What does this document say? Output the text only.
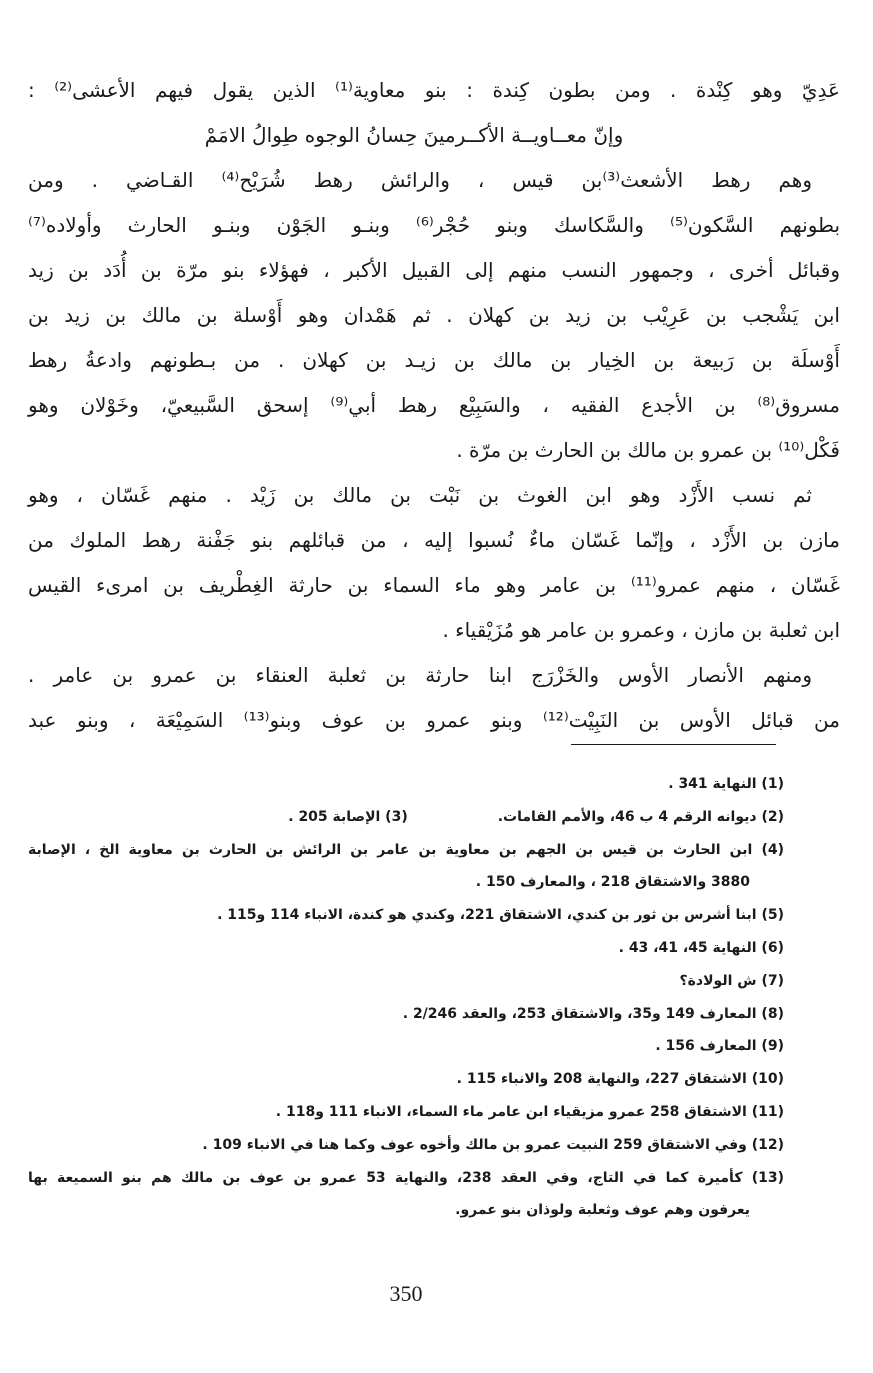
عَدِيّ وهو كِنْدة . ومن بطون كِندة : بنو معاوية⁽¹⁾ الذين يقول فيهم الأعشى⁽²⁾ :
وإنّ معــاويــة الأكــرمينَ حِسانُ الوجوه طِوالُ الامَمْ
وهم رهط الأشعث⁽³⁾بن قيس ، والرائش رهط شُرَيْح⁽⁴⁾ القـاضي . ومن
بطونهم السَّكون⁽⁵⁾ والسَّكاسك وبنو حُجْر⁽⁶⁾ وبنـو الجَوْن وبنـو الحارث وأولاده⁽⁷⁾
وقبائل أخرى ، وجمهور النسب منهم إلى القبيل الأكبر ، فهؤلاء بنو مرّة بن أُدَد بن زيد
ابن يَشْجب بن عَرِيْب بن زيد بن كهلان . ثم هَمْدان وهو أَوْسلة بن مالك بن زيد بن
أَوْسلَة بن رَبيعة بن الخِيار بن مالك بن زيـد بن كهلان . من بـطونهم وادعةُ رهط
مسروق⁽⁸⁾ بن الأجدع الفقيه ، والسَبِيْع رهط أبي⁽⁹⁾ إسحق السَّبيعيّ، وخَوْلان وهو
فَكْل⁽¹⁰⁾ بن عمرو بن مالك بن الحارث بن مرّة .
ثم نسب الأَزْد وهو ابن الغوث بن نَبْت بن مالك بن زَيْد . منهم غَسّان ، وهو
مازن بن الأَزْد ، وإنّما غَسّان ماءٌ نُسبوا إليه ، من قبائلهم بنو جَفْنة رهط الملوك من
غَسّان ، منهم عمرو⁽¹¹⁾ بن عامر وهو ماء السماء بن حارثة الغِطْريف بن امرىء القيس
ابن ثعلبة بن مازن ، وعمرو بن عامر هو مُزَيْقياء .
ومنهم الأنصار الأوس والخَزْرَج ابنا حارثة بن ثعلبة العنقاء بن عمرو بن عامر .
من قبائل الأوس بن النَبِيْت⁽¹²⁾ وبنو عمرو بن عوف وبنو⁽¹³⁾ السَمِيْعَة ، وبنو عبد
(1) النهاية 341 .
(2) ديوانه الرقم 4 ب 46، والأمم القامات.(3) الإصابة 205 .
(4) ابن الحارث بن قيس بن الجهم بن معاوية بن عامر بن الرائش بن الحارث بن معاوية الخ ، الإصابة
3880 والاشتقاق 218 ، والمعارف 150 .
(5) ابنا أشرس بن ثور بن كندي، الاشتقاق 221، وكندي هو كندة، الانباء 114 و115 .
(6) النهاية 45، 41، 43 .
(7) ش الولادة؟
(8) المعارف 149 و35، والاشتقاق 253، والعقد 2/246 .
(9) المعارف 156 .
(10) الاشتقاق 227، والنهاية 208 والانباء 115 .
(11) الاشتقاق 258 عمرو مزيقياء ابن عامر ماء السماء، الانباء 111 و118 .
(12) وفي الاشتقاق 259 النبيت عمرو بن مالك وأخوه عوف وكما هنا في الانباء 109 .
(13) كأميرة كما في التاج، وفي العقد 238، والنهاية 53 عمرو بن عوف بن مالك هم بنو السميعة بها
يعرفون وهم عوف وثعلبة ولوذان بنو عمرو.
350
